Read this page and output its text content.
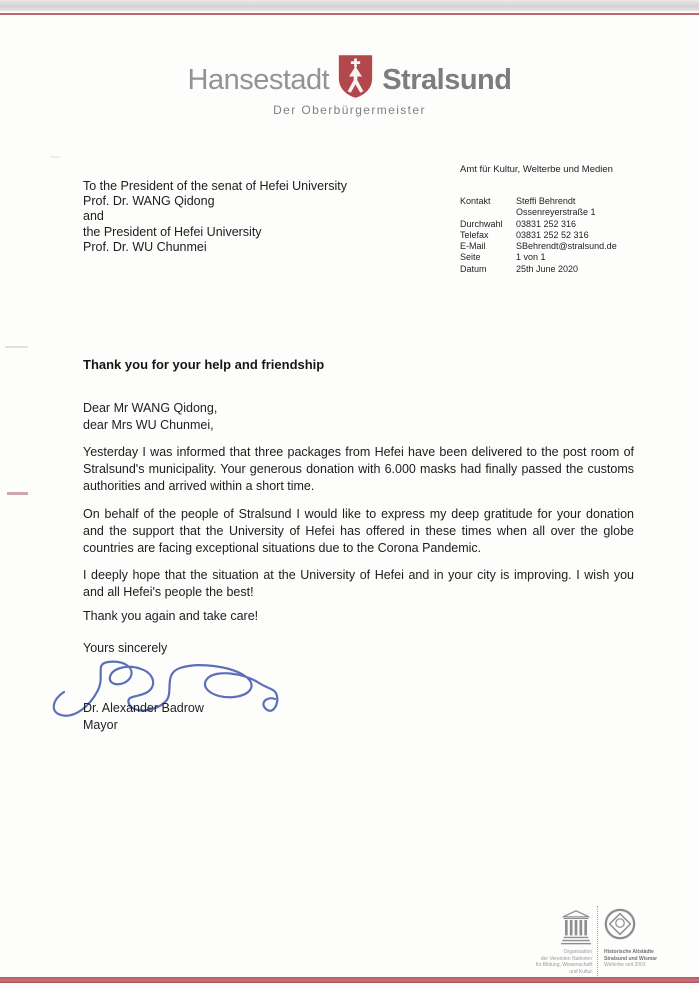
Hansestadt Stralsund
Der Oberbürgermeister
Amt für Kultur, Welterbe und Medien
To the President of the senat of Hefei University
Prof. Dr. WANG Qidong
and
the President of Hefei University
Prof. Dr. WU Chunmei
Kontakt	Steffi Behrendt
Ossenreyerstraße 1
Durchwahl	03831 252 316
Telefax	03831 252 52 316
E-Mail	SBehrendt@stralsund.de
Seite	1 von 1
Datum	25th June 2020
Thank you for your help and friendship
Dear Mr WANG Qidong,
dear Mrs WU Chunmei,

Yesterday I was informed that three packages from Hefei have been delivered to the post room of Stralsund's municipality. Your generous donation with 6.000 masks had finally passed the customs authorities and arrived within a short time.

On behalf of the people of Stralsund I would like to express my deep gratitude for your donation and the support that the University of Hefei has offered in these times when all over the globe countries are facing exceptional situations due to the Corona Pandemic.

I deeply hope that the situation at the University of Hefei and in your city is improving. I wish you and all Hefei's people the best!

Thank you again and take care!

Yours sincerely
Dr. Alexander Badrow
Mayor
Organisation
der Vereinten Nationen
für Bildung, Wissenschaft
und Kultur
Historische Altstädte
Stralsund und Wismar
Welterbe seit 2002
